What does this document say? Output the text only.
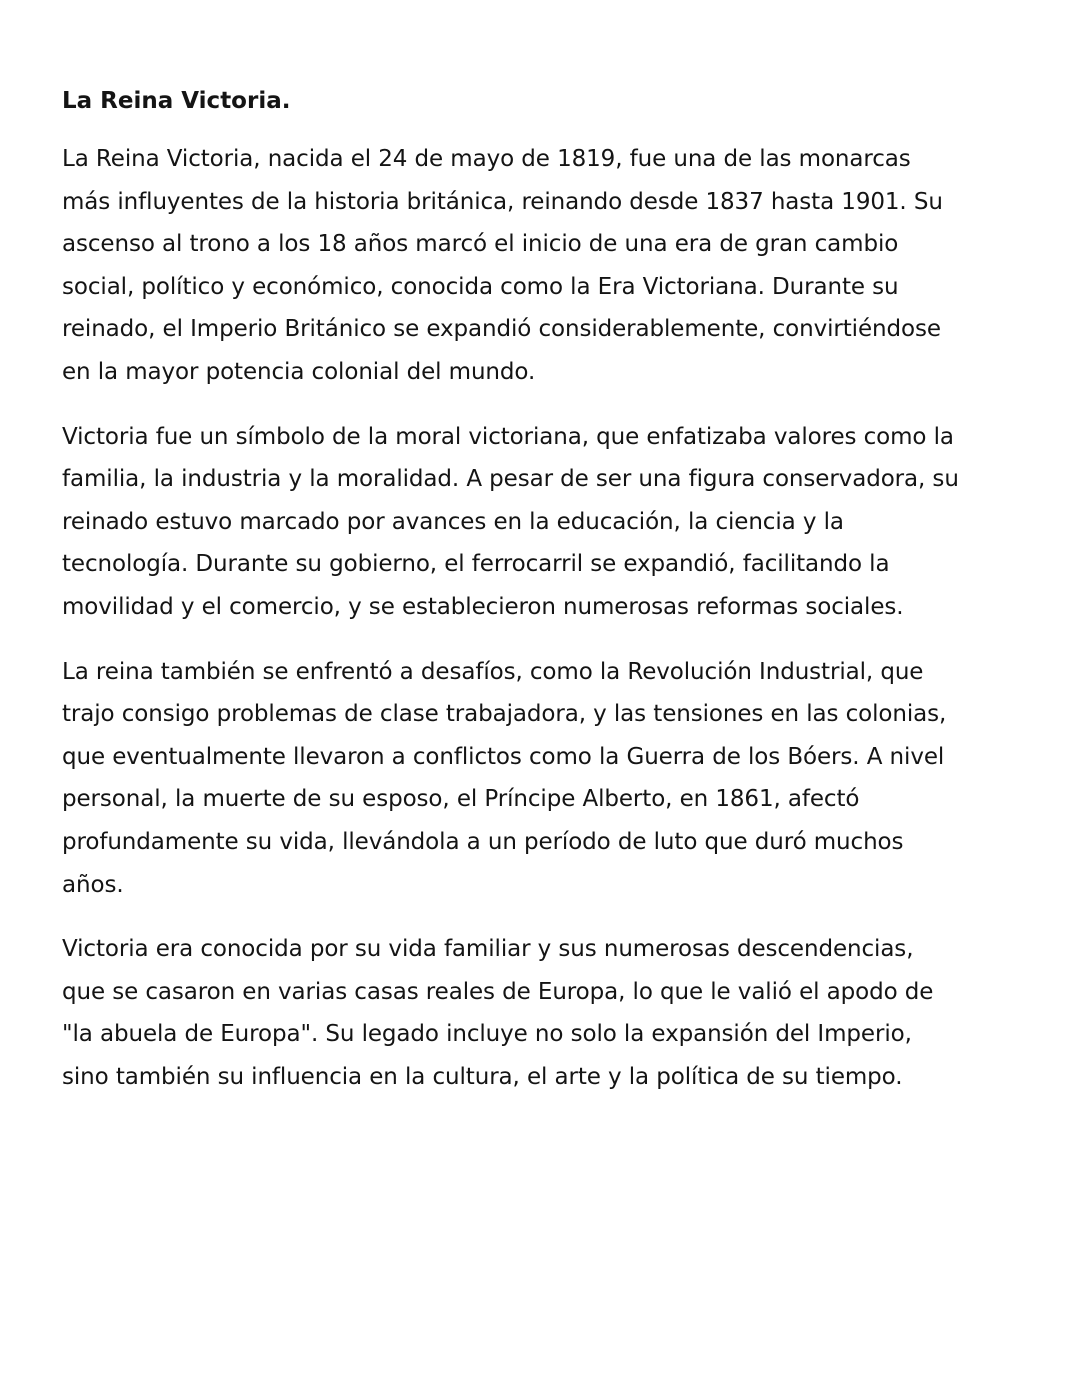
La Reina Victoria.

La Reina Victoria, nacida el 24 de mayo de 1819, fue una de las monarcas más influyentes de la historia británica, reinando desde 1837 hasta 1901. Su ascenso al trono a los 18 años marcó el inicio de una era de gran cambio social, político y económico, conocida como la Era Victoriana. Durante su reinado, el Imperio Británico se expandió considerablemente, convirtiéndose en la mayor potencia colonial del mundo.

Victoria fue un símbolo de la moral victoriana, que enfatizaba valores como la familia, la industria y la moralidad. A pesar de ser una figura conservadora, su reinado estuvo marcado por avances en la educación, la ciencia y la tecnología. Durante su gobierno, el ferrocarril se expandió, facilitando la movilidad y el comercio, y se establecieron numerosas reformas sociales.

La reina también se enfrentó a desafíos, como la Revolución Industrial, que trajo consigo problemas de clase trabajadora, y las tensiones en las colonias, que eventualmente llevaron a conflictos como la Guerra de los Bóers. A nivel personal, la muerte de su esposo, el Príncipe Alberto, en 1861, afectó profundamente su vida, llevándola a un período de luto que duró muchos años.

Victoria era conocida por su vida familiar y sus numerosas descendencias, que se casaron en varias casas reales de Europa, lo que le valió el apodo de "la abuela de Europa". Su legado incluye no solo la expansión del Imperio, sino también su influencia en la cultura, el arte y la política de su tiempo.
